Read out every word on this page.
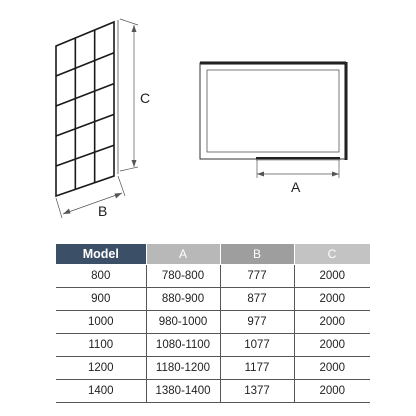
C
B
A
Model	A	B	C
800	780-800	777	2000
900	880-900	877	2000
1000	980-1000	977	2000
1100	1080-1100	1077	2000
1200	1180-1200	1177	2000
1400	1380-1400	1377	2000
